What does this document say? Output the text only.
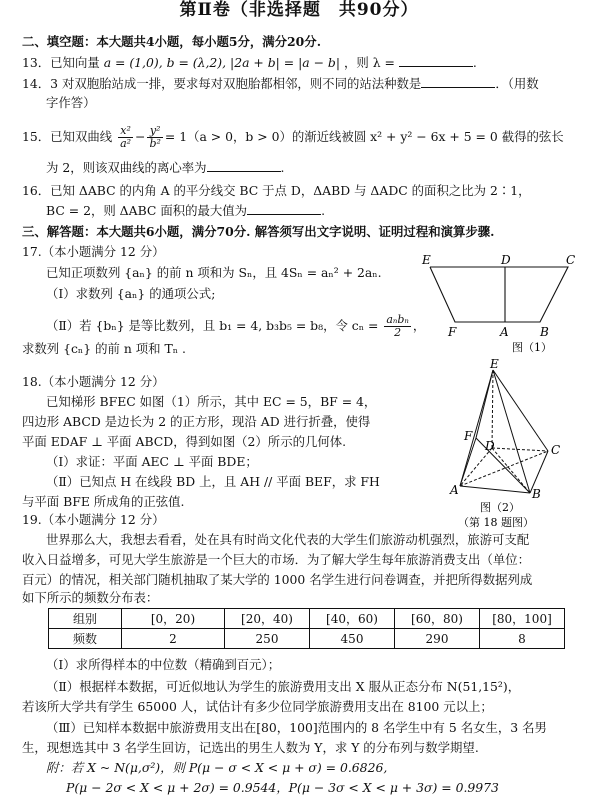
第Ⅱ卷（非选择题　共90分）
二、填空题：本大题共4小题，每小题5分，满分20分.
13．已知向量 a = (1,0), b = (λ,2), |2a + b| = |a − b| ，则 λ =	.
14．3 对双胞胎站成一排，要求每对双胞胎都相邻，则不同的站法种数是	．（用数
字作答）
15．已知双曲线 $\frac{\text{x²}}{\text{a²}} - \frac{\text{y²}}{\text{b²}} = 1(a > 0$，b > 0）的渐近线被圆 x² + y² − 6x + 5 = 0 截得的弦长
为 2，则该双曲线的离心率为	.
16．已知 ΔABC 的内角 A 的平分线交 BC 于点 D，ΔABD 与 ΔADC 的面积之比为 2∶1，
BC = 2，则 ΔABC 面积的最大值为	.
三、解答题：本大题共6小题，满分70分. 解答须写出文字说明、证明过程和演算步骤.
17.（本小题满分 12 分）
已知正项数列 {aₙ} 的前 n 项和为 Sₙ，且 4Sₙ = aₙ² + 2aₙ.
（Ⅰ）求数列 {aₙ} 的通项公式;
（Ⅱ）若 {bₙ} 是等比数列，且 b₁ = 4, b₃b₅ = b₈，令 $c_n = \frac{\text{aₙbₙ}}{2}$ ，
求数列 {cₙ} 的前 n 项和 Tₙ .
E	D	C
F	A	B
图（1）
18.（本小题满分 12 分）
已知梯形 BFEC 如图（1）所示，其中 EC = 5，BF = 4，
四边形 ABCD 是边长为 2 的正方形，现沿 AD 进行折叠，使得
平面 EDAF ⊥ 平面 ABCD，得到如图（2）所示的几何体.
（Ⅰ）求证：平面 AEC ⊥ 平面 BDE；
（Ⅱ）已知点 H 在线段 BD 上，且 AH // 平面 BEF，求 FH
与平面 BFE 所成角的正弦值.
E
F
D	C
A	B
图（2）
（第 18 题图）
19.（本小题满分 12 分）
世界那么大，我想去看看，处在具有时尚文化代表的大学生们旅游动机强烈，旅游可支配
收入日益增多，可见大学生旅游是一个巨大的市场．为了解大学生每年旅游消费支出（单位：
百元）的情况，相关部门随机抽取了某大学的 1000 名学生进行问卷调查，并把所得数据列成
如下所示的频数分布表：
组别	[0，20)	[20，40)	[40，60)	[60，80)	[80，100]
频数	2	250	450	290	8
（Ⅰ）求所得样本的中位数（精确到百元）；
（Ⅱ）根据样本数据，可近似地认为学生的旅游费用支出 X 服从正态分布 N(51,15²)，
若该所大学共有学生 65000 人，试估计有多少位同学旅游费用支出在 8100 元以上；
（Ⅲ）已知样本数据中旅游费用支出在[80，100]范围内的 8 名学生中有 5 名女生，3 名男
生，现想选其中 3 名学生回访，记选出的男生人数为 Y，求 Y 的分布列与数学期望.
附：若 X ~ N(μ,σ²)，则 P(μ − σ < X < μ + σ) = 0.6826,
P(μ − 2σ < X < μ + 2σ) = 0.9544，P(μ − 3σ < X < μ + 3σ) = 0.9973
